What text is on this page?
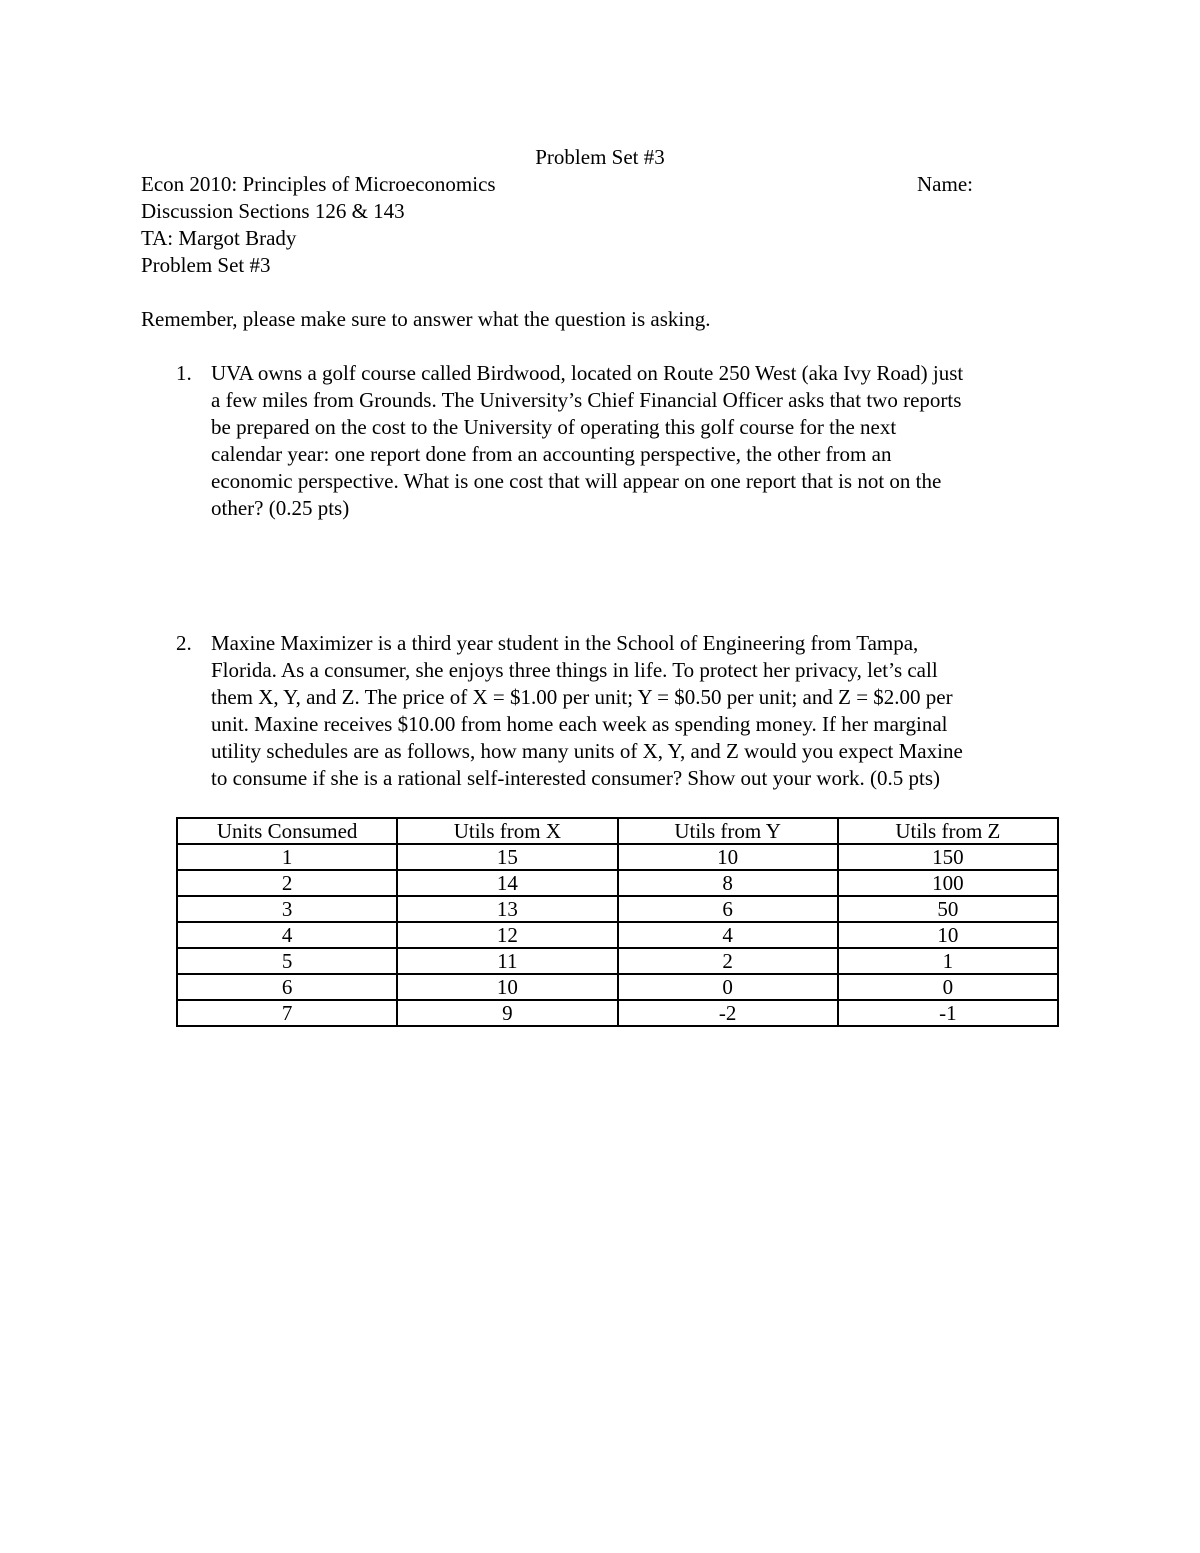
Problem Set #3
Econ 2010: Principles of Microeconomics	Name:
Discussion Sections 126 & 143
TA: Margot Brady
Problem Set #3
Remember, please make sure to answer what the question is asking.
1. UVA owns a golf course called Birdwood, located on Route 250 West (aka Ivy Road) just
a few miles from Grounds. The University’s Chief Financial Officer asks that two reports
be prepared on the cost to the University of operating this golf course for the next
calendar year: one report done from an accounting perspective, the other from an
economic perspective. What is one cost that will appear on one report that is not on the
other? (0.25 pts)
2. Maxine Maximizer is a third year student in the School of Engineering from Tampa,
Florida. As a consumer, she enjoys three things in life. To protect her privacy, let’s call
them X, Y, and Z. The price of X = $1.00 per unit; Y = $0.50 per unit; and Z = $2.00 per
unit. Maxine receives $10.00 from home each week as spending money. If her marginal
utility schedules are as follows, how many units of X, Y, and Z would you expect Maxine
to consume if she is a rational self-interested consumer? Show out your work. (0.5 pts)
Units Consumed	Utils from X	Utils from Y	Utils from Z
1	15	10	150
2	14	8	100
3	13	6	50
4	12	4	10
5	11	2	1
6	10	0	0
7	9	-2	-1
